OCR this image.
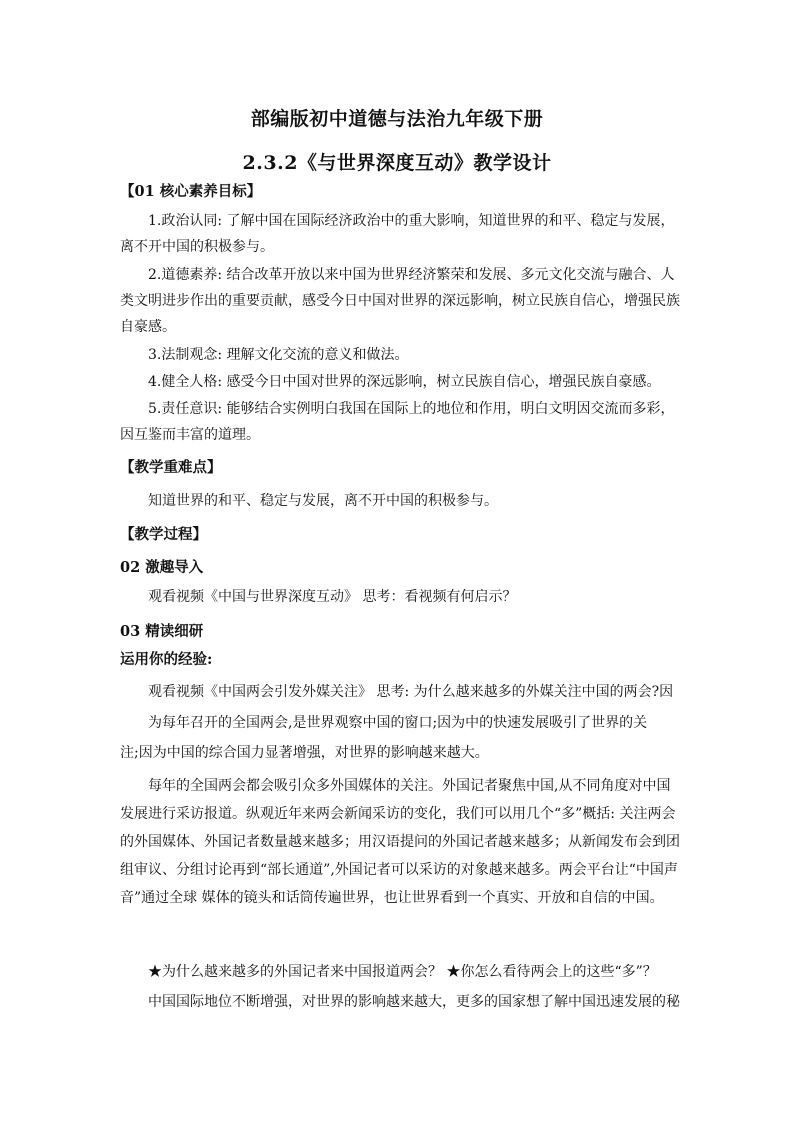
部编版初中道德与法治九年级下册
2.3.2《与世界深度互动》教学设计
【01 核心素养目标】
1.政治认同: 了解中国在国际经济政治中的重大影响，知道世界的和平、稳定与发展，离不开中国的积极参与。
2.道德素养: 结合改革开放以来中国为世界经济繁荣和发展、多元文化交流与融合、人类文明进步作出的重要贡献，感受今日中国对世界的深远影响，树立民族自信心，增强民族自豪感。
3.法制观念: 理解文化交流的意义和做法。
4.健全人格: 感受今日中国对世界的深远影响，树立民族自信心，增强民族自豪感。
5.责任意识: 能够结合实例明白我国在国际上的地位和作用，明白文明因交流而多彩，因互鉴而丰富的道理。
【教学重难点】
知道世界的和平、稳定与发展，离不开中国的积极参与。
【教学过程】
02 激趣导入
观看视频《中国与世界深度互动》 思考：看视频有何启示？
03 精读细研
运用你的经验:
观看视频《中国两会引发外媒关注》 思考: 为什么越来越多的外媒关注中国的两会?因
为每年召开的全国两会,是世界观察中国的窗口;因为中的快速发展吸引了世界的关
注;因为中国的综合国力显著增强，对世界的影响越来越大。
每年的全国两会都会吸引众多外国媒体的关注。外国记者聚焦中国,从不同角度对中国发展进行采访报道。纵观近年来两会新闻采访的变化，我们可以用几个“多”概括: 关注两会的外国媒体、外国记者数量越来越多；用汉语提问的外国记者越来越多；从新闻发布会到团组审议、分组讨论再到“部长通道”,外国记者可以采访的对象越来越多。两会平台让“中国声音”通过全球 媒体的镜头和话筒传遍世界，也让世界看到一个真实、开放和自信的中国。
★为什么越来越多的外国记者来中国报道两会？ ★你怎么看待两会上的这些“多”？
中国国际地位不断增强，对世界的影响越来越大，更多的国家想了解中国迅速发展的秘
